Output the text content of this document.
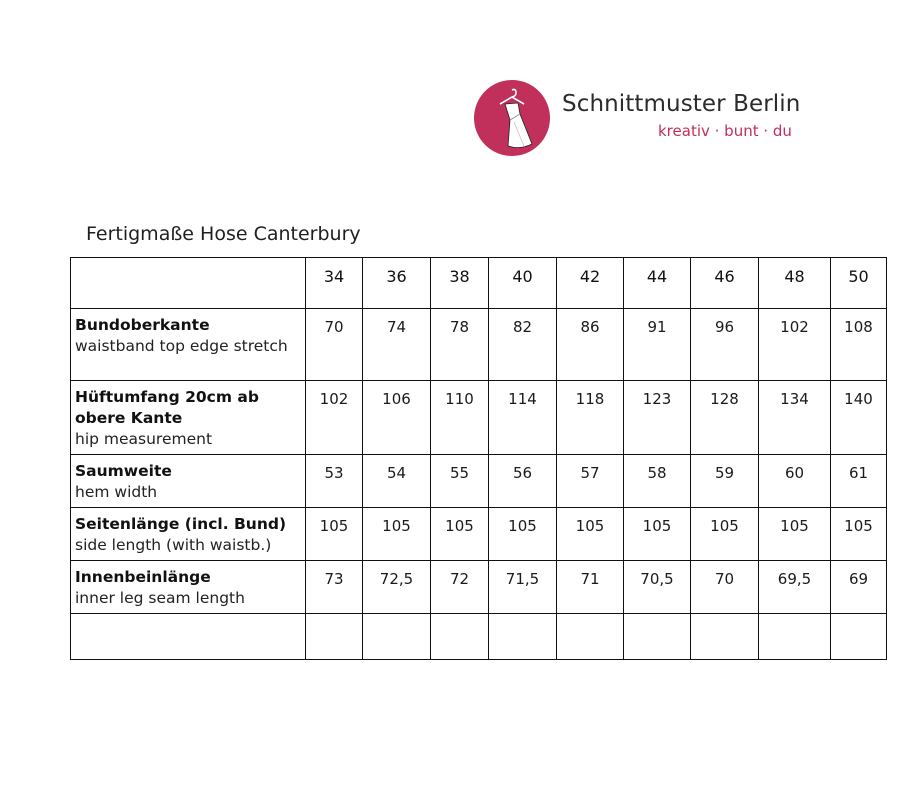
Schnittmuster Berlin
kreativ · bunt · du
Fertigmaße Hose Canterbury
	34	36	38	40	42	44	46	48	50

Bundoberkante
waistband top edge stretch	70	74	78	82	86	91	96	102	108

Hüftumfang 20cm ab obere Kante
hip measurement	102	106	110	114	118	123	128	134	140

Saumweite
hem width	53	54	55	56	57	58	59	60	61

Seitenlänge (incl. Bund)
side length (with waistb.)	105	105	105	105	105	105	105	105	105

Innenbeinlänge
inner leg seam length	73	72,5	72	71,5	71	70,5	70	69,5	69
